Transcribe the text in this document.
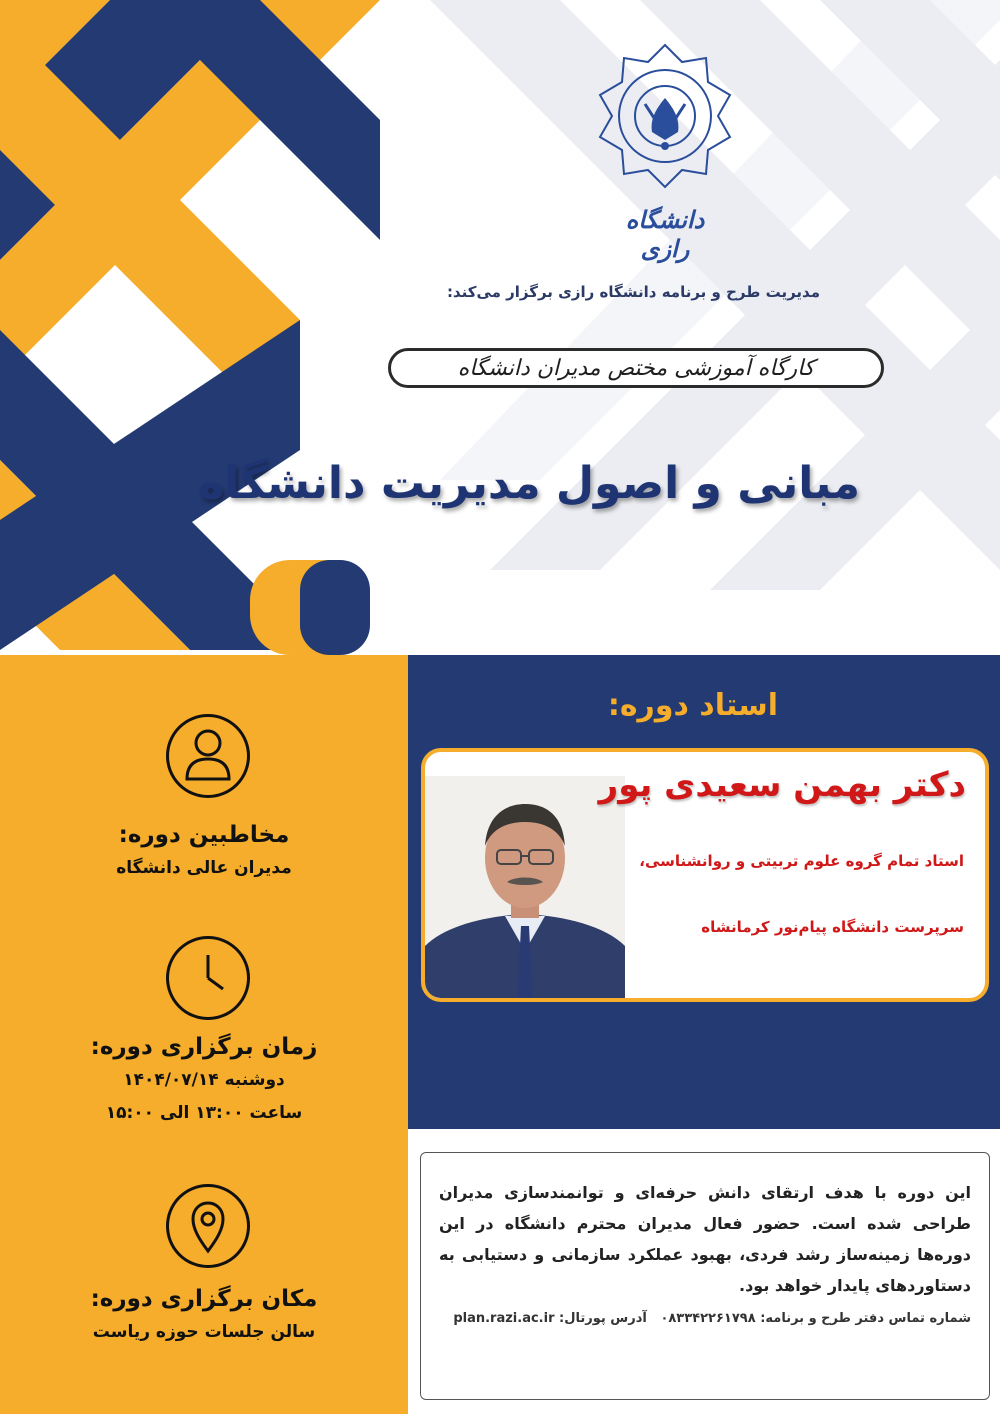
دانشگاه رازی
مدیریت طرح و برنامه دانشگاه رازی برگزار می‌کند:
کارگاه آموزشی مختص مدیران دانشگاه
مبانی و اصول مدیریت دانشگاه
مخاطبین دوره:
مدیران عالی دانشگاه
زمان برگزاری دوره:
دوشنبه ۱۴۰۴/۰۷/۱۴
ساعت ۱۳:۰۰ الی ۱۵:۰۰
مکان برگزاری دوره:
سالن جلسات حوزه ریاست
استاد دوره:
دکتر بهمن سعیدی پور
استاد تمام گروه علوم تربیتی و روانشناسی،
سرپرست دانشگاه پیام‌نور کرمانشاه
این دوره با هدف ارتقای دانش حرفه‌ای و توانمندسازی مدیران طراحی شده است. حضور فعال مدیران محترم دانشگاه در این دوره‌ها زمینه‌ساز رشد فردی، بهبود عملکرد سازمانی و دستیابی به دستاوردهای پایدار خواهد بود.
شماره تماس دفتر طرح و برنامه: ۰۸۳۳۴۲۲۶۱۷۹۸   آدرس پورتال: plan.razi.ac.ir
